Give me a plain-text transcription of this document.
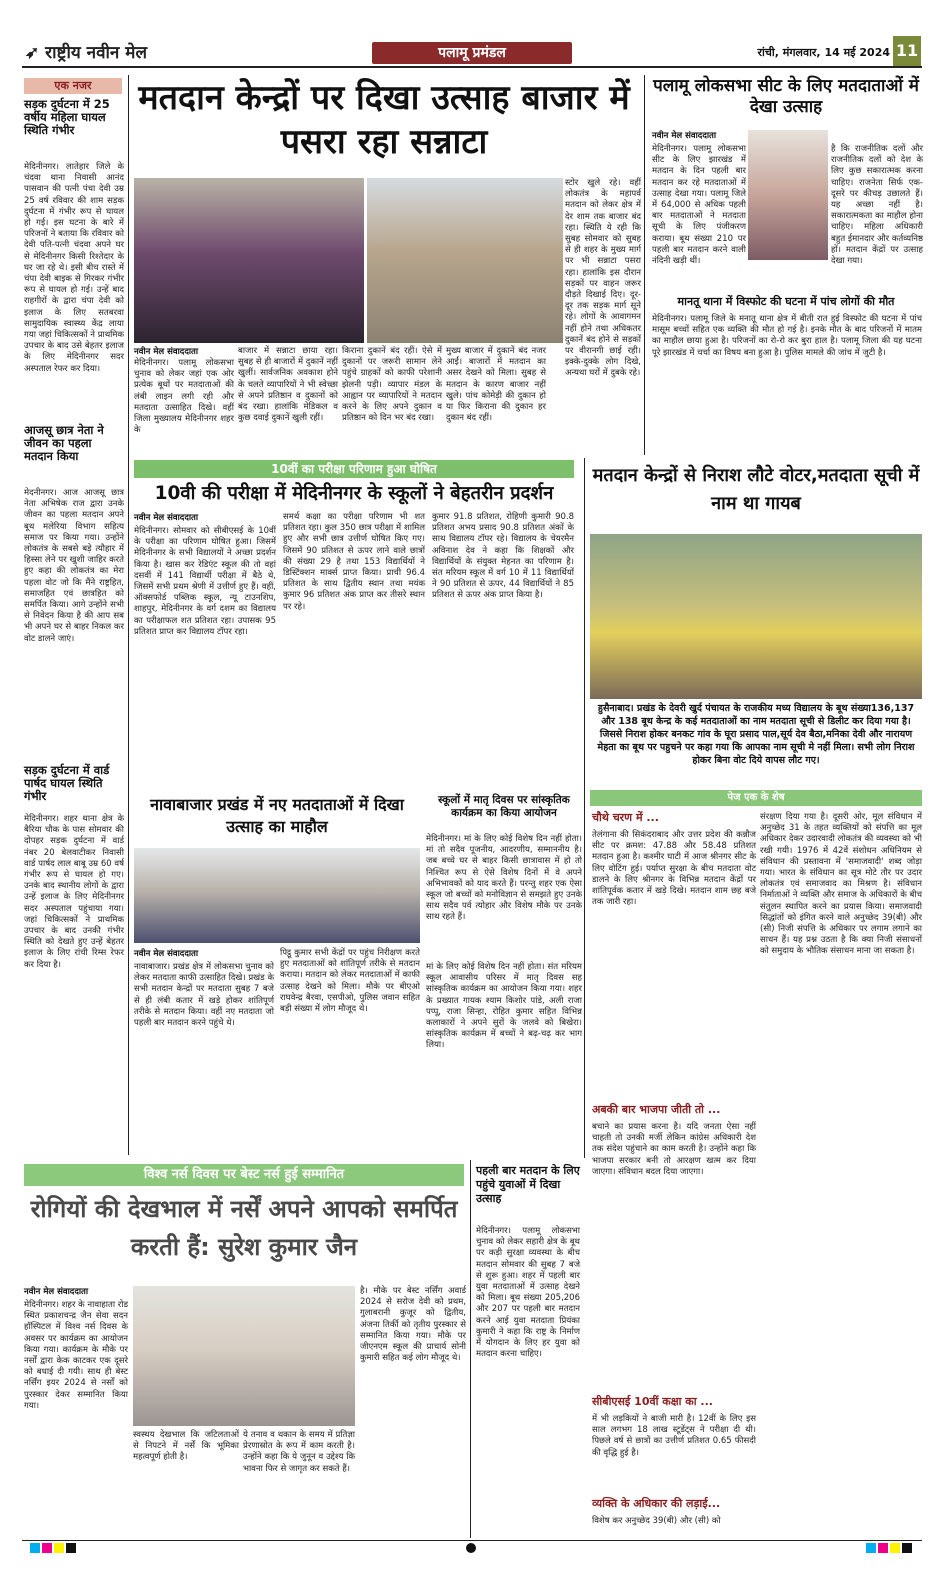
➶ राष्ट्रीय नवीन मेल	पलामू प्रमंडल	रांची, मंगलवार, 14 मई 2024 11
एक नजर
सड़क दुर्घटना में 25 वर्षीय महिला घायल स्थिति गंभीर
मेदिनीनगर। लातेहार जिले के चंदवा थाना निवासी आनंद पासवान की पत्नी पंचा देवी उम्र 25 वर्ष रविवार की शाम सड़क दुर्घटना में गंभीर रूप से घायल हो गई। इस घटना के बारे में परिजनों ने बताया कि रविवार को देवी पति-पत्नी चंदवा अपने घर से मेदिनीनगर किसी रिश्तेदार के घर जा रहे थे। इसी बीच रास्ते में चंपा देवी बाइक से गिरकर गंभीर रूप से घायल हो गई। उन्हें बाद राहगीरों के द्वारा चंपा देवी को इलाज के लिए सतबरवा सामुदायिक स्वास्थ्य केंद्र लाया गया जहां चिकित्सकों ने प्राथमिक उपचार के बाद उसे बेहतर इलाज के लिए मेदिनीनगर सदर अस्पताल रेफर कर दिया।
आजसू छात्र नेता ने जीवन का पहला मतदान किया
मेदनीनगर। आज आजसू छात्र नेता अभिषेक राज द्वारा उनके जीवन का पहला मतदान अपने बूथ मलेरिया विभाग सहित्य समाज पर किया गया। उन्होंने लोकतंत्र के सबसे बड़े त्यौहार में हिस्सा लेने पर खुशी जाहिर करते हुए कहा की लोकतंत्र का मेरा पहला वोट जो कि मैंने राष्ट्रहित, समाजहित एवं छात्रहित को समर्पित किया। आगे उन्होंने सभी से निवेदन किया है की आप सब भी अपने घर से बाहर निकल कर वोट डालने जाएं।
सड़क दुर्घटना में वार्ड पार्षद घायल स्थिति गंभीर
मेदिनीनगर। शहर थाना क्षेत्र के बैरिया चौक के पास सोमवार की दोपहर सड़क दुर्घटना में वार्ड नंबर 20 बेलवाटीकर निवासी वार्ड पार्षद लाल बाबू उम्र 60 वर्ष गंभीर रूप से घायल हो गए। उनके बाद स्थानीय लोगों के द्वारा उन्हें इलाज के लिए मेदिनीनगर सदर अस्पताल पहुंचाया गया। जहां चिकित्सकों ने प्राथमिक उपचार के बाद उनकी गंभीर स्थिति को देखते हुए उन्हें बेहतर इलाज के लिए रांची रिम्स रेफर कर दिया है।
मतदान केन्द्रों पर दिखा उत्साह बाजार में पसरा रहा सन्नाटा
स्टोर खुले रहे। वहीं लोकतंत्र के महापर्व मतदान को लेकर क्षेत्र में देर शाम तक बाजार बंद रहा। स्थिति ये रही कि सुबह सोमवार को सुबह से ही शहर के मुख्य मार्ग पर भी सन्नाटा पसरा रहा। हालांकि इस दौरान सड़कों पर वाहन जरूर दौड़ते दिखाई दिए। दूर-दूर तक सड़क मार्ग सूने रहे। लोगों के आवागमन नहीं होने तथा अधिकतर दुकानें बंद होने से सड़कों पर वीरानगी छाई रही। इक्के-दुक्के लोग दिखे, अन्यथा घरों में दुबके रहे।
नवीन मेल संवाददाता
मेदिनीनगर। पलामू लोकसभा चुनाव को लेकर जहां एक ओर प्रत्येक बूथों पर मतदाताओं की लंबी लाइन लगी रही और मतदाता उत्साहित दिखे। वहीं जिला मुख्यालय मेदिनीनगर शहर के
बाजार में सन्नाटा छाया रहा। सुबह से ही बाजारों में दुकानें नहीं खुलीं। सार्वजनिक अवकाश होने के चलते व्यापारियों ने भी स्वेच्छा से अपने प्रतिष्ठान व दुकानों को बंद रखा। हालांकि मेडिकल व कुछ दवाई दुकानें खुली रहीं।
किराना दुकानें बंद रहीं। ऐसे में दुकानों पर जरूरी सामान लेने पहुंचे ग्राहकों को काफी परेशानी झेलनी पड़ी। व्यापार मंडल के आह्वान पर व्यापारियों ने मतदान करने के लिए अपने दुकान व प्रतिष्ठान को दिन भर बंद रखा।
मुख्य बाजार में दुकानें बंद नजर आईं। बाजारों में मतदान का असर देखने को मिला। सुबह से मतदान के कारण बाजार नहीं खुले। पांच कोमेड़ी की दुकान हो या फिर किराना की दुकान हर दुकान बंद रहीं।
पलामू लोकसभा सीट के लिए मतदाताओं में देखा उत्साह
नवीन मेल संवाददाता
मेदिनीनगर। पलामू लोकसभा सीट के लिए झारखंड में मतदान के दिन पहली बार मतदान कर रहे मतदाताओं में उत्साह देखा गया। पलामू जिले में 64,000 से अधिक पहली बार मतदाताओं ने मतदाता सूची के लिए पंजीकरण कराया। बूथ संख्या 210 पर पहली बार मतदान करने वाली नंदिनी खड़ी थीं।
है कि राजनीतिक दलों और राजनीतिक दलों को देश के लिए कुछ सकारात्मक करना चाहिए। राजनेता सिर्फ एक-दूसरे पर कीचड़ उछालते हैं। यह अच्छा नहीं है। सकारात्मकता का माहौल होना चाहिए। महिला अधिकारी बहुत ईमानदार और कर्तव्यनिष्ठ हों। मतदान केंद्रों पर उत्साह देखा गया।
मानतू थाना में विस्फोट की घटना में पांच लोगों की मौत
मेदिनीनगर। पलामू जिले के मनातू थाना क्षेत्र में बीती रात हुई विस्फोट की घटना में पांच मासूम बच्चों सहित एक व्यक्ति की मौत हो गई है। इनके मौत के बाद परिजनों में मातम का माहौल छाया हुआ है। परिजनों का रो-रो कर बुरा हाल है। पलामू जिला की यह घटना पूरे झारखंड में चर्चा का विषय बना हुआ है। पुलिस मामले की जांच में जुटी है।
10वीं का परीक्षा परिणाम हुआ घोषित
10वी की परीक्षा में मेदिनीनगर के स्कूलों ने बेहतरीन प्रदर्शन
नवीन मेल संवाददाता
मेदिनीनगर। सोमवार को सीबीएसई के 10वीं के परीक्षा का परिणाम घोषित हुआ। जिसमें मेदिनीनगर के सभी विद्यालयों ने अच्छा प्रदर्शन किया है। खास कर रेडिएंट स्कूल की तो वहां दसवीं में 141 विद्यार्थी परीक्षा में बैठे थे, जिसमें सभी प्रथम श्रेणी में उत्तीर्ण हुए हैं। वहीं, ऑक्सफोर्ड पब्लिक स्कूल, न्यू टाउनशिप, शाहपुर, मेदिनीनगर के वर्ग दशम का विद्यालय का परीक्षाफल शत प्रतिशत रहा। उपासक 95 प्रतिशत प्राप्त कर विद्यालय टॉपर रहा।
समर्थ कक्षा का परीक्षा परिणाम भी शत प्रतिशत रहा। कुल 350 छात्र परीक्षा में शामिल हुए और सभी छात्र उत्तीर्ण घोषित किए गए। जिसमें 90 प्रतिशत से ऊपर लाने वाले छात्रों की संख्या 29 है तथा 153 विद्यार्थियों ने डिस्टिंक्शन मार्क्स प्राप्त किया। प्राची 96.4 प्रतिशत के साथ द्वितीय स्थान तथा मयंक कुमार 96 प्रतिशत अंक प्राप्त कर तीसरे स्थान पर रहे।
कुमार 91.8 प्रतिशत, रोहिणी कुमारी 90.8 प्रतिशत अभय प्रसाद 90.8 प्रतिशत अंकों के साथ विद्यालय टॉपर रहे। विद्यालय के चेयरमैन अविनाश देव ने कहा कि शिक्षकों और विद्यार्थियों के संयुक्त मेहनत का परिणाम है। संत मरियम स्कूल में वर्ग 10 में 11 विद्यार्थियों ने 90 प्रतिशत से ऊपर, 44 विद्यार्थियों ने 85 प्रतिशत से ऊपर अंक प्राप्त किया है।
मतदान केन्द्रों से निराश लौटे वोटर,मतदाता सूची में नाम था गायब
हुसैनाबाद। प्रखंड के देवरी खुर्द पंचायत के राजकीय मध्य विद्यालय के बूथ संख्या136,137 और 138 बूथ केन्द्र के कई मतदाताओं का नाम मतदाता सूची से डिलीट कर दिया गया है। जिससे निराश होकर बनकट गांव के घूरा प्रसाद पाल,सूर्य देव बैठा,मनिका देवी और नारायण मेहता का बूथ पर पहुचने पर कहा गया कि आपका नाम सूची मे नहीं मिला। सभी लोग निराश होकर बिना वोट दिये वापस लौट गए।
पेज एक के शेष
नावाबाजार प्रखंड में नए मतदाताओं में दिखा उत्साह का माहौल
नवीन मेल संवाददाता
नावाबाजार। प्रखंड क्षेत्र में लोकसभा चुनाव को लेकर मतदाता काफी उत्साहित दिखे। प्रखंड के सभी मतदान केन्द्रों पर मतदाता सुबह 7 बजे से ही लंबी कतार में खड़े होकर शांतिपूर्ण तरीके से मतदान किया। वहीं नए मतदाता जो पहली बार मतदान करने पहुंचे थे।
पिट्ठू कुमार सभी केंद्रों पर पहुंच निरीक्षण करते हुए मतदाताओं को शांतिपूर्ण तरीके से मतदान कराया। मतदान को लेकर मतदाताओं में काफी उत्साह देखने को मिला। मौके पर बीएओ राघवेन्द्र बैरवा, एसपीओ, पुलिस जवान सहित बड़ी संख्या में लोग मौजूद थे।
स्कूलों में मातृ दिवस पर सांस्कृतिक कार्यक्रम का किया आयोजन
मेदिनीनगर। मां के लिए कोई विशेष दिन नहीं होता। मां तो सदैव पूजनीय, आदरणीय, सम्माननीय है। जब बच्चे घर से बाहर किसी छात्रावास में हो तो निश्चित रूप से ऐसे विशेष दिनों में वे अपने अभिभावकों को याद करते हैं। परन्तु शहर एक ऐसा स्कूल जो बच्चों को मनोविज्ञान से समझते हुए उनके साथ सदैव पर्व त्योहार और विशेष मौके पर उनके साथ रहते हैं।
मां के लिए कोई विशेष दिन नहीं होता। संत मरियम स्कूल आवासीय परिसर में मातृ दिवस सह सांस्कृतिक कार्यक्रम का आयोजन किया गया। शहर के प्रख्यात गायक श्याम किशोर पांडे, अली राजा पप्पू, राजा सिन्हा, रोहित कुमार सहित विभिन्न कलाकारों ने अपने सुरों के जलवे को बिखेरा। सांस्कृतिक कार्यक्रम में बच्चों ने बढ़-चढ़ कर भाग लिया।
विश्व नर्स दिवस पर बेस्ट नर्स हुई सम्मानित
रोगियों की देखभाल में नर्सें अपने आपको समर्पित करती हैं: सुरेश कुमार जैन
नवीन मेल संवाददाता
मेदिनीनगर। शहर के नावाहाता रोड स्थित प्रकाशचन्द्र जैन सेवा सदन हॉस्पिटल में विश्व नर्स दिवस के अवसर पर कार्यक्रम का आयोजन किया गया। कार्यक्रम के मौके पर नर्सों द्वारा केक काटकर एक दूसरे को बधाई दी गयी। साथ ही बेस्ट नर्सिंग इयर 2024 से नर्सों को पुरस्कार देकर सम्मानित किया गया।
स्वस्थय देखभाल कि जटिलताओं से निपटने में नर्सें कि भूमिका महत्वपूर्ण होती है।
ये तनाव व थकान के समय में प्रतिज्ञा प्रेरणास्रोत के रूप में काम करती है। उन्होंने कहा कि ये जुनून व उद्देश्य कि भावना फिर से जागृत कर सकते हैं।
है। मौके पर बेस्ट नर्सिंग अवार्ड 2024 से सरोज देवी को प्रथम, गुलाबरानी कुजूर को द्वितीय, अंजना तिर्की को तृतीय पुरस्कार से सम्मानित किया गया। मौके पर जीएनएम स्कूल की प्राचार्य सोनी कुमारी सहित कई लोग मौजूद थे।
पहली बार मतदान के लिए पहुंचे युवाओं में दिखा उत्साह
मेदिनीनगर। पलामू लोकसभा चुनाव को लेकर सहारी क्षेत्र के बूथ पर कड़ी सुरक्षा व्यवस्था के बीच मतदान सोमवार की सुबह 7 बजे से शुरू हुआ। शहर में पहली बार युवा मतदाताओं में उत्साह देखने को मिला। बूथ संख्या 205,206 और 207 पर पहली बार मतदान करने आई युवा मतदाता प्रियंका कुमारी ने कहा कि राष्ट्र के निर्माण में योगदान के लिए हर युवा को मतदान करना चाहिए।
चौथे चरण में ...
तेलंगाना की सिकंदराबाद और उत्तर प्रदेश की कन्नौज सीट पर क्रमश: 47.88 और 58.48 प्रतिशत मतदान हुआ है। कश्मीर घाटी में आज श्रीनगर सीट के लिए वोटिंग हुई। पर्याप्त सुरक्षा के बीच मतदाता वोट डालने के लिए श्रीनगर के विभिन्न मतदान केंद्रों पर शांतिपूर्वक कतार में खड़े दिखे। मतदान शाम छह बजे तक जारी रहा।
अबकी बार भाजपा जीती तो ...
बचाने का प्रयास करना है। यदि जनता ऐसा नहीं चाहती तो उनकी मर्जी लेकिन कांग्रेस अधिकारी देश तक संदेश पहुंचाने का काम करती है। उन्होंने कहा कि भाजपा सरकार बनी तो आरक्षण खत्म कर दिया जाएगा। संविधान बदल दिया जाएगा।
सीबीएसई 10वीं कक्षा का ...
में भी लड़कियों ने बाजी मारी है। 12वीं के लिए इस साल लगभग 18 लाख स्टूडेंट्स ने परीक्षा दी थी। पिछले वर्ष से छात्रों का उत्तीर्ण प्रतिशत 0.65 फीसदी की वृद्धि हुई है।
व्यक्ति के अधिकार की लड़ाई...
विशेष कर अनुच्छेद 39(बी) और (सी) को
संरक्षण दिया गया है। दूसरी ओर, मूल संविधान में अनुच्छेद 31 के तहत व्यक्तियों को संपत्ति का मूल अधिकार देकर उदारवादी लोकतंत्र की व्यवस्था को भी रखी गयी। 1976 में 42वें संशोधन अधिनियम से संविधान की प्रस्तावना में 'समाजवादी' शब्द जोड़ा गया। भारत के संविधान का सूत्र मोटे तौर पर उदार लोकतंत्र एवं समाजवाद का मिश्रण है। संविधान निर्माताओं ने व्यक्ति और समाज के अधिकारों के बीच संतुलन स्थापित करने का प्रयास किया। समाजवादी सिद्धांतों को इंगित करने वाले अनुच्छेद 39(बी) और (सी) निजी संपत्ति के अधिकार पर लगाम लगाने का साधन हैं। यह प्रश्न उठता है कि क्या निजी संसाधनों को समुदाय के भौतिक संसाधन माना जा सकता है।
